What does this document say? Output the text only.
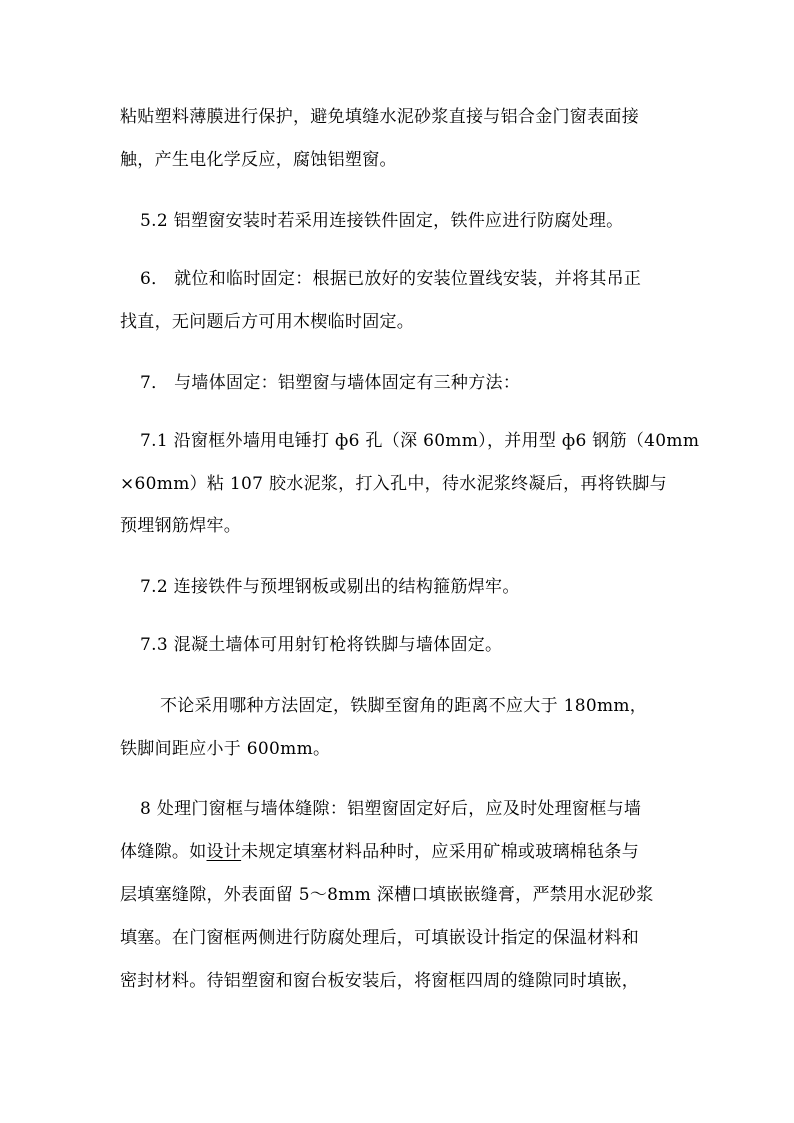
粘贴塑料薄膜进行保护，避免填缝水泥砂浆直接与铝合金门窗表面接
触，产生电化学反应，腐蚀铝塑窗。
5.2 铝塑窗安装时若采用连接铁件固定，铁件应进行防腐处理。
6． 就位和临时固定：根据已放好的安装位置线安装，并将其吊正
找直，无问题后方可用木楔临时固定。
7． 与墙体固定：铝塑窗与墙体固定有三种方法：
7.1 沿窗框外墙用电锤打 ф6 孔（深 60mm），并用型 ф6 钢筋（40mm
×60mm）粘 107 胶水泥浆，打入孔中，待水泥浆终凝后，再将铁脚与
预埋钢筋焊牢。
7.2 连接铁件与预埋钢板或剔出的结构箍筋焊牢。
7.3 混凝土墙体可用射钉枪将铁脚与墙体固定。
不论采用哪种方法固定，铁脚至窗角的距离不应大于 180mm，
铁脚间距应小于 600mm。
8 处理门窗框与墙体缝隙：铝塑窗固定好后，应及时处理窗框与墙
体缝隙。如设计未规定填塞材料品种时，应采用矿棉或玻璃棉毡条与
层填塞缝隙，外表面留 5～8mm 深槽口填嵌嵌缝膏，严禁用水泥砂浆
填塞。在门窗框两侧进行防腐处理后，可填嵌设计指定的保温材料和
密封材料。待铝塑窗和窗台板安装后，将窗框四周的缝隙同时填嵌，
